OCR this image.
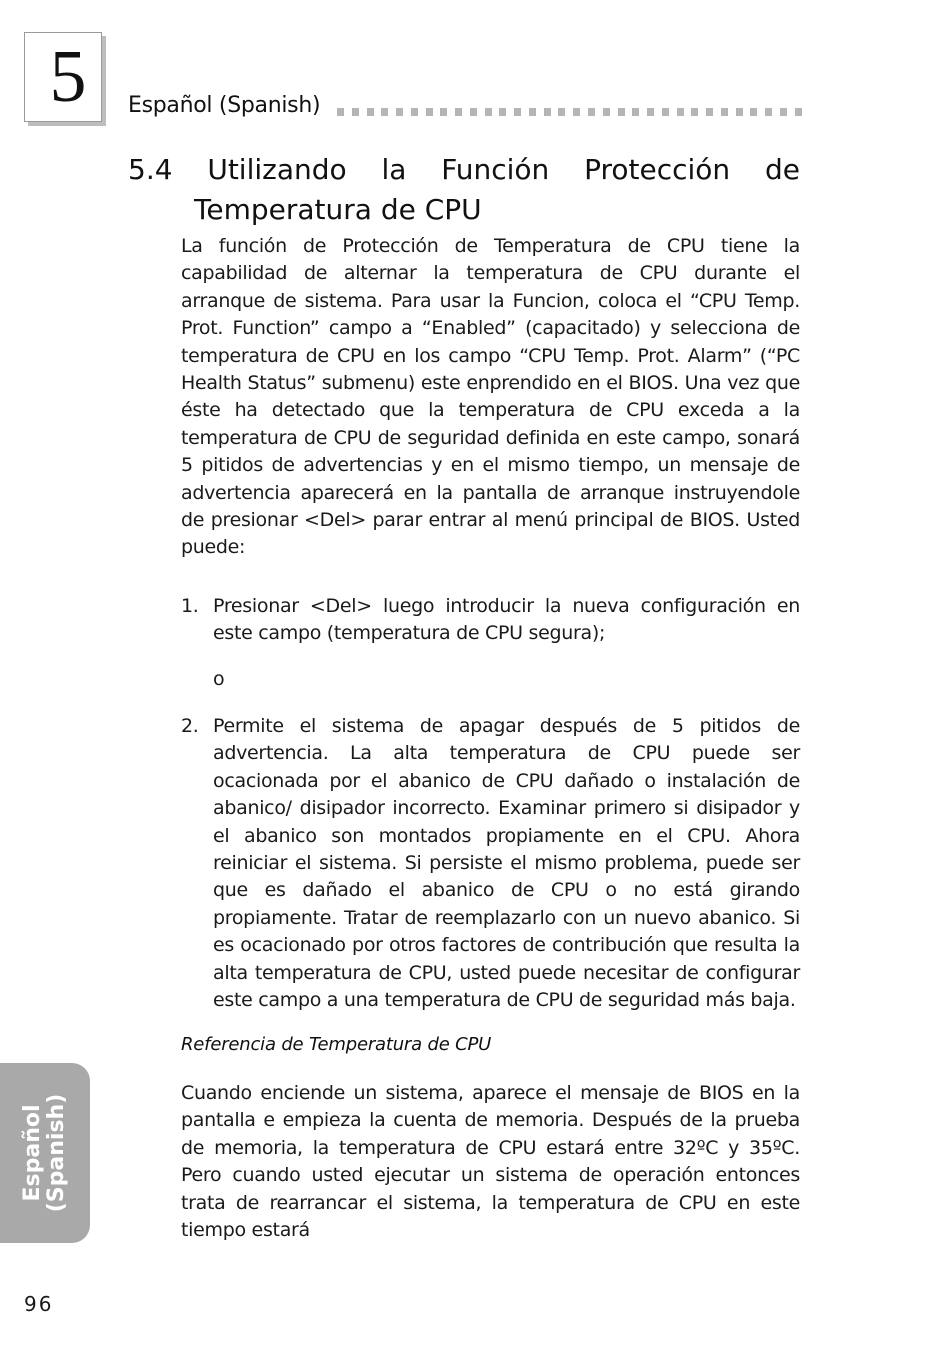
5	Español (Spanish)
5.4 Utilizando la Función Protección de
Temperatura de CPU

La función de Protección de Temperatura de CPU tiene la capabilidad de alternar la temperatura de CPU durante el arranque de sistema. Para usar la Funcion, coloca el “CPU Temp. Prot. Function” campo a “Enabled” (capacitado) y selecciona de temperatura de CPU en los campo “CPU Temp. Prot. Alarm” (“PC Health Status” submenu) este enprendido en el BIOS. Una vez que éste ha detectado que la temperatura de CPU exceda a la temperatura de CPU de seguridad definida en este campo, sonará 5 pitidos de advertencias y en el mismo tiempo, un mensaje de advertencia aparecerá en la pantalla de arranque instruyendole de presionar <Del> parar entrar al menú principal de BIOS. Usted puede:

1. Presionar <Del> luego introducir la nueva configuración en este campo (temperatura de CPU segura);
o
2. Permite el sistema de apagar después de 5 pitidos de advertencia. La alta temperatura de CPU puede ser ocacionada por el abanico de CPU dañado o instalación de abanico/ disipador incorrecto. Examinar primero si disipador y el abanico son montados propiamente en el CPU. Ahora reiniciar el sistema. Si persiste el mismo problema, puede ser que es dañado el abanico de CPU o no está girando propiamente. Tratar de reemplazarlo con un nuevo abanico. Si es ocacionado por otros factores de contribución que resulta la alta temperatura de CPU, usted puede necesitar de configurar este campo a una temperatura de CPU de seguridad más baja.
Referencia de Temperatura de CPU

Cuando enciende un sistema, aparece el mensaje de BIOS en la pantalla e empieza la cuenta de memoria. Después de la prueba de memoria, la temperatura de CPU estará entre 32ºC y 35ºC. Pero cuando usted ejecutar un sistema de operación entonces trata de rearrancar el sistema, la temperatura de CPU en este tiempo estará

Español (Spanish)
96
